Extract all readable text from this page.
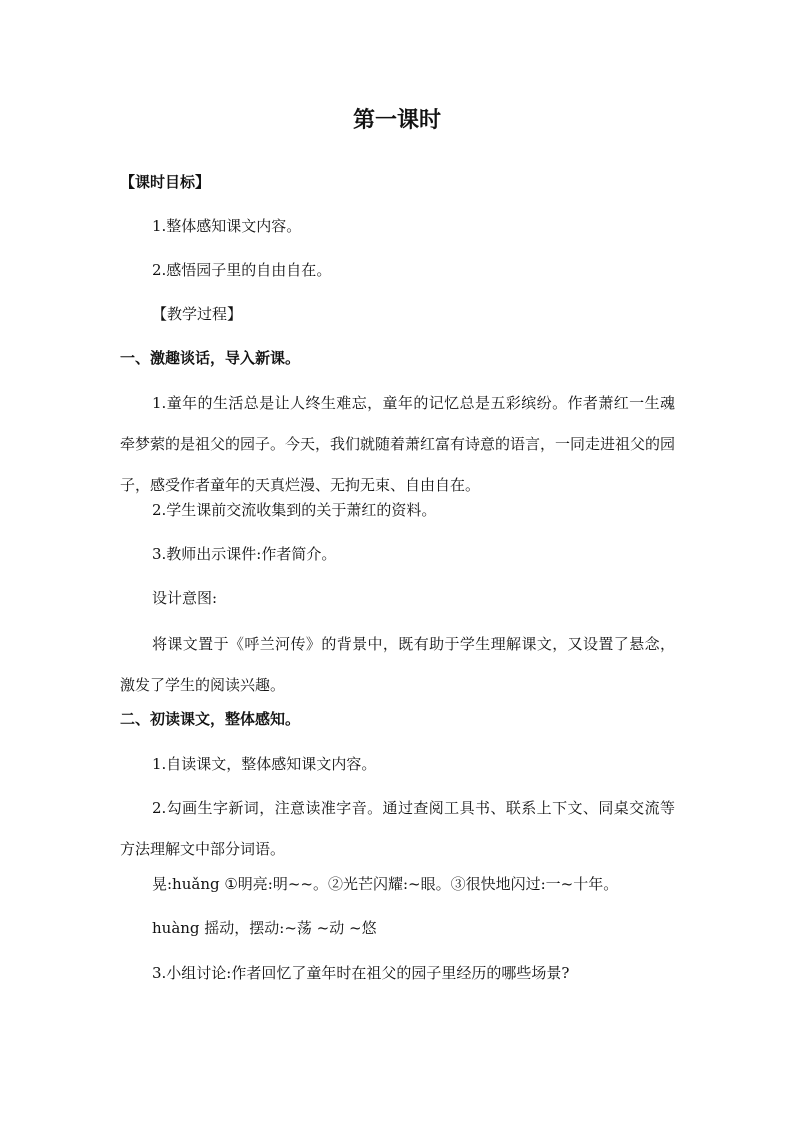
第一课时
【课时目标】
1.整体感知课文内容。
2.感悟园子里的自由自在。
【教学过程】
一、激趣谈话，导入新课。
1.童年的生活总是让人终生难忘，童年的记忆总是五彩缤纷。作者萧红一生魂牵梦萦的是祖父的园子。今天，我们就随着萧红富有诗意的语言，一同走进祖父的园子，感受作者童年的天真烂漫、无拘无束、自由自在。
2.学生课前交流收集到的关于萧红的资料。
3.教师出示课件:作者简介。
设计意图:
将课文置于《呼兰河传》的背景中，既有助于学生理解课文，又设置了悬念，激发了学生的阅读兴趣。
二、初读课文，整体感知。
1.自读课文，整体感知课文内容。
2.勾画生字新词，注意读准字音。通过查阅工具书、联系上下文、同桌交流等方法理解文中部分词语。
晃:huǎng ①明亮:明~~。②光芒闪耀:~眼。③很快地闪过:一~十年。
huàng 摇动，摆动:~荡 ~动 ~悠
3.小组讨论:作者回忆了童年时在祖父的园子里经历的哪些场景?
